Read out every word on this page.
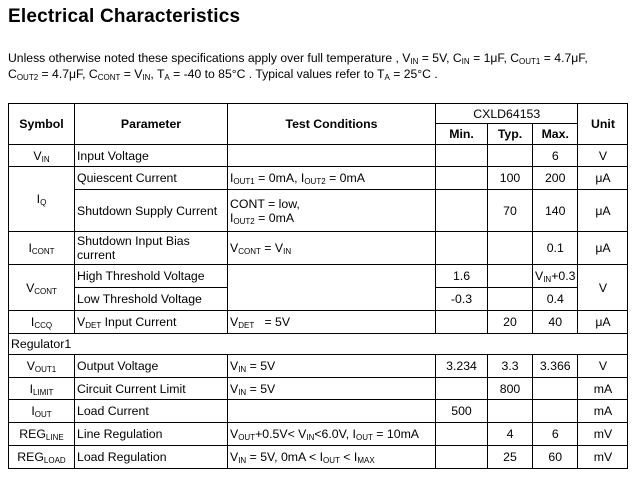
Electrical Characteristics
Unless otherwise noted these specifications apply over full temperature , $V_{IN} = 5V$, $C_{IN} = 1\mu F$, $C_{OUT1} = 4.7\mu F$,
$C_{OUT2} = 4.7\mu F$, $C_{CONT} = V_{IN}$, $T_A = -40$ to 85°C . Typical values refer to $T_A = 25^\circ C$ .
Symbol	Parameter	Test Conditions	CXLD64153			Unit
			Min.	Typ.	Max.	
$V_{IN}$	Input Voltage				6	V
$I_Q$	Quiescent Current	$I_{OUT1} = 0mA$, $I_{OUT2} = 0mA$		100	200	μA
	Shutdown Supply Current	CONT = low,
$I_{OUT2} = 0mA$		70	140	μA
$I_{CONT}$	Shutdown Input Bias current	$V_{CONT} = V_{IN}$			0.1	μA
$V_{CONT}$	High Threshold Voltage		1.6		$V_{IN}+0.3$	V
	Low Threshold Voltage		-0.3		0.4	
$I_{CCQ}$	$V_{DET}$ Input Current	$V_{DET} = 5V$		20	40	μA
Regulator1						
$V_{OUT1}$	Output Voltage	$V_{IN} = 5V$	3.234	3.3	3.366	V
$I_{LIMIT}$	Circuit Current Limit	$V_{IN} = 5V$		800		mA
$I_{OUT}$	Load Current		500			mA
$REG_{LINE}$	Line Regulation	$V_{OUT}+0.5V< V_{IN}<6.0V$, $I_{OUT} = 10mA$		4	6	mV
$REG_{LOAD}$	Load Regulation	$V_{IN} = 5V$, $0mA < I_{OUT} < I_{MAX}$		25	60	mV
